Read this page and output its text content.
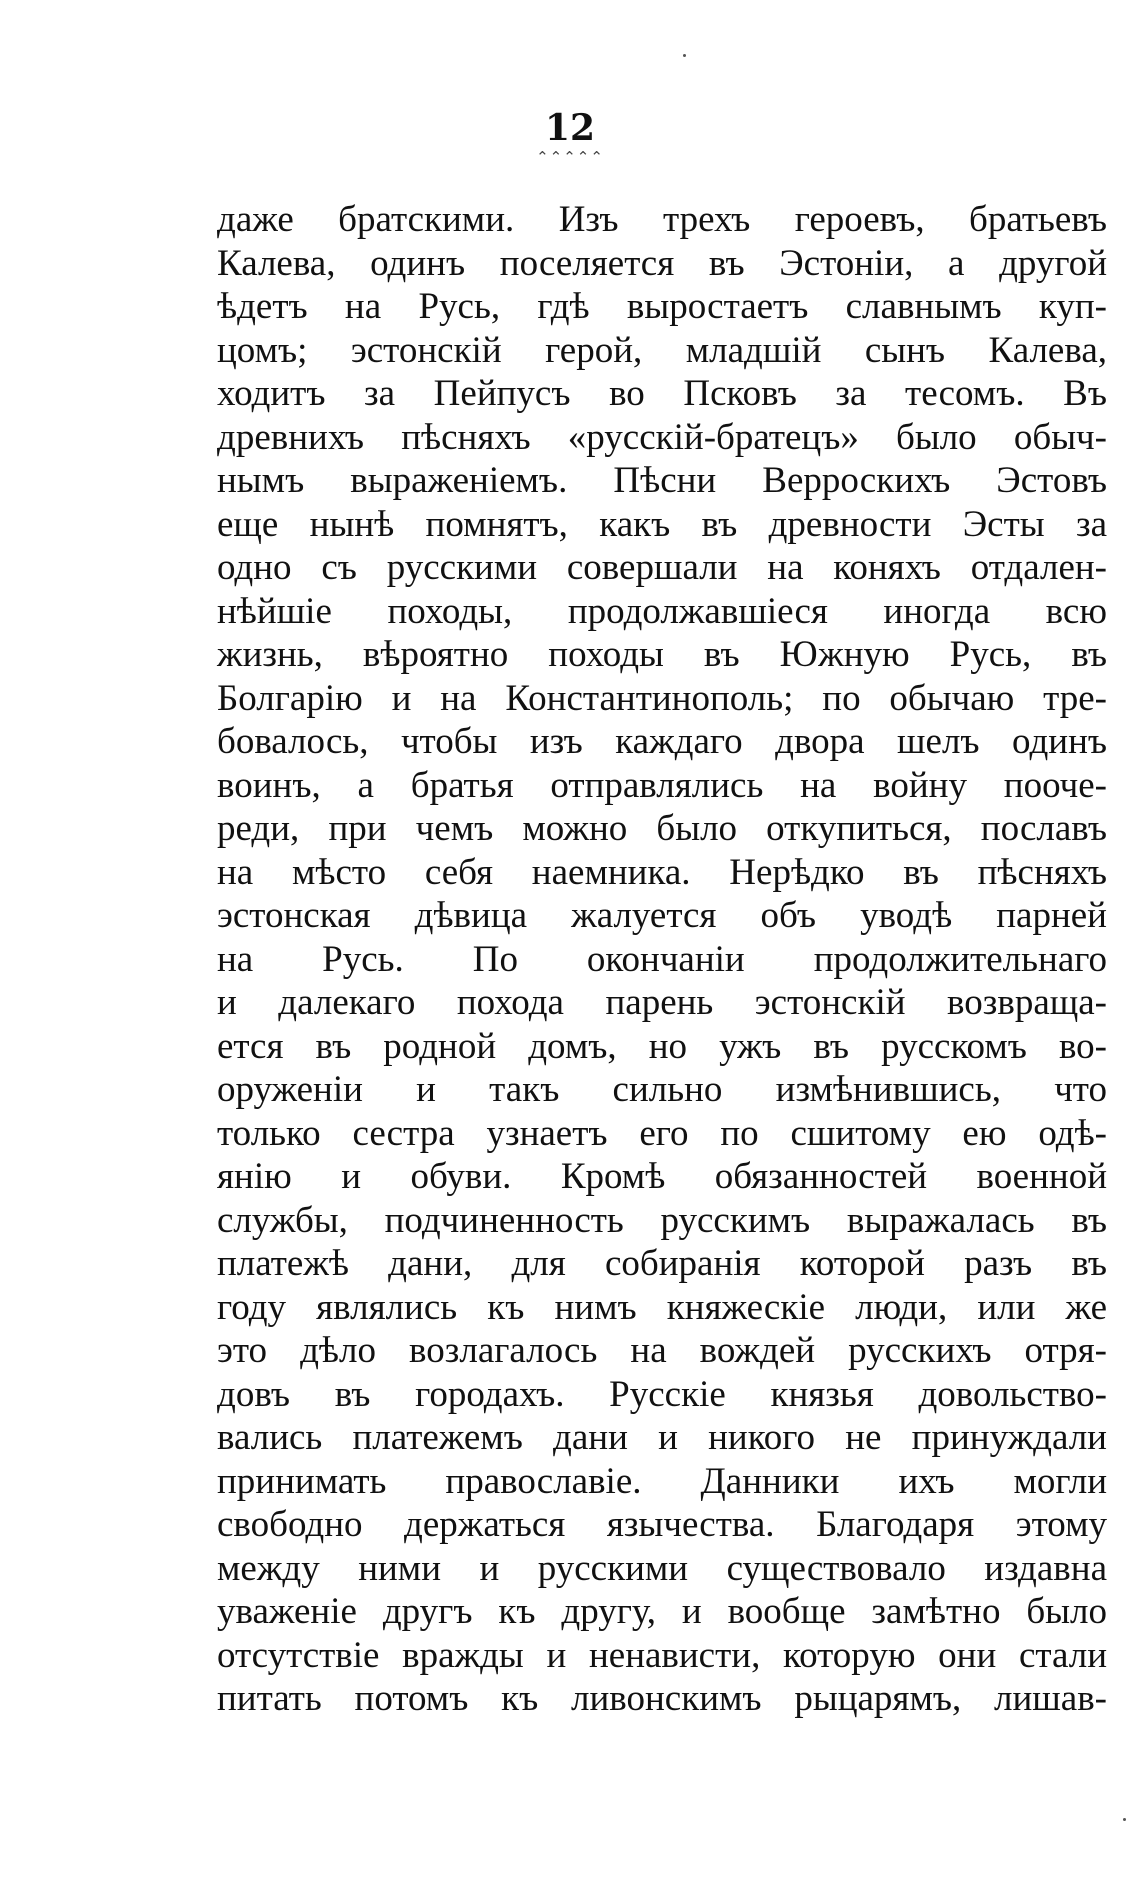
12
⌃⌃⌃⌃⌃
даже братскими. Изъ трехъ героевъ, братьевъ
Калева, одинъ поселяется въ Эстоніи, а другой
ѣдетъ на Русь, гдѣ выростаетъ славнымъ куп-
цомъ; эстонскій герой, младшій сынъ Калева,
ходитъ за Пейпусъ во Псковъ за тесомъ. Въ
древнихъ пѣсняхъ «русскій-братецъ» было обыч-
нымъ выраженіемъ. Пѣсни Верроскихъ Эстовъ
еще нынѣ помнятъ, какъ въ древности Эсты за
одно съ русскими совершали на коняхъ отдален-
нѣйшіе походы, продолжавшіеся иногда всю
жизнь, вѣроятно походы въ Южную Русь, въ
Болгарію и на Константинополь; по обычаю тре-
бовалось, чтобы изъ каждаго двора шелъ одинъ
воинъ, а братья отправлялись на войну пооче-
реди, при чемъ можно было откупиться, пославъ
на мѣсто себя наемника. Нерѣдко въ пѣсняхъ
эстонская дѣвица жалуется объ уводѣ парней
на Русь. По окончаніи продолжительнаго
и далекаго похода парень эстонскій возвраща-
ется въ родной домъ, но ужъ въ русскомъ во-
оруженіи и такъ сильно измѣнившись, что
только сестра узнаетъ его по сшитому ею одѣ-
янію и обуви. Кромѣ обязанностей военной
службы, подчиненность русскимъ выражалась въ
платежѣ дани, для собиранія которой разъ въ
году являлись къ нимъ княжескіе люди, или же
это дѣло возлагалось на вождей русскихъ отря-
довъ въ городахъ. Русскіе князья довольство-
вались платежемъ дани и никого не принуждали
принимать православіе. Данники ихъ могли
свободно держаться язычества. Благодаря этому
между ними и русскими существовало издавна
уваженіе другъ къ другу, и вообще замѣтно было
отсутствіе вражды и ненависти, которую они стали
питать потомъ къ ливонскимъ рыцарямъ, лишав-
